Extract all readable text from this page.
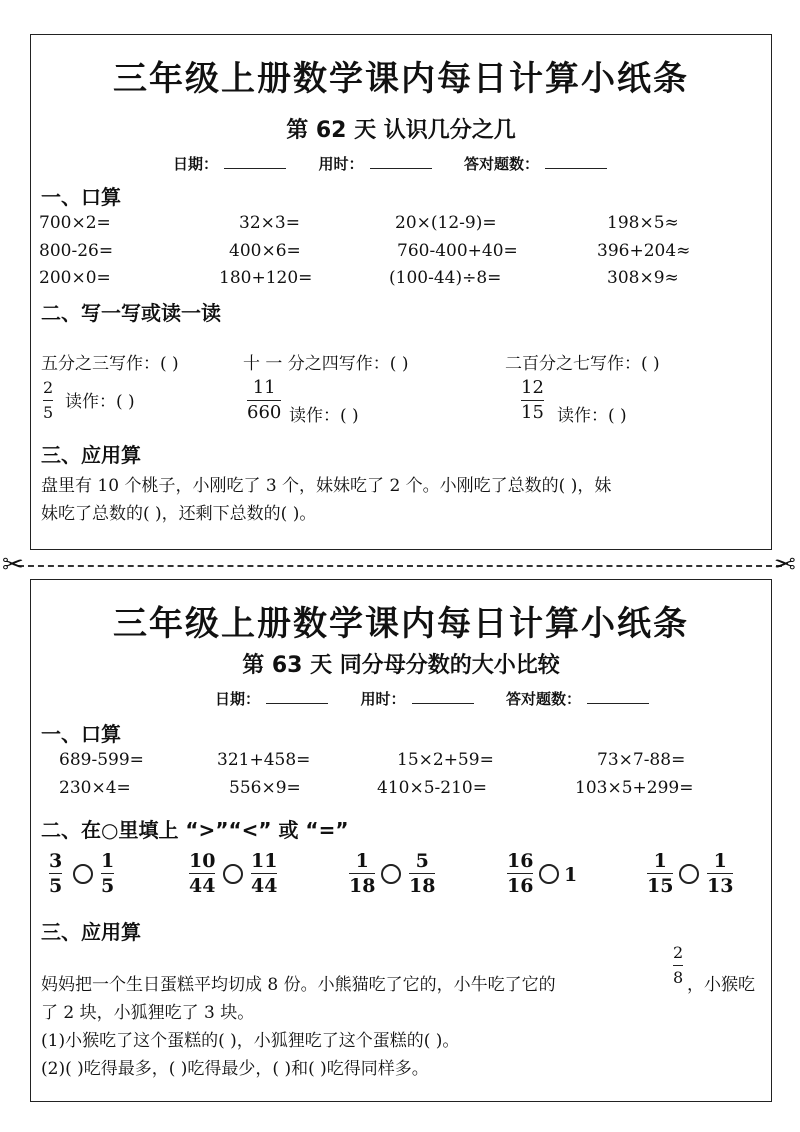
三年级上册数学课内每日计算小纸条
第 62 天 认识几分之几
日期：	用时：	答对题数：
一、口算
700×2=	32×3=	20×(12-9)=	198×5≈
800-26=	400×6=	760-400+40=	396+204≈
200×0=	180+120=	(100-44)÷8=	308×9≈
二、写一写或读一读
五分之三写作：( )	十 一 分之四写作：( )	二百分之七写作：( )
2
5
读作：( )
11
660 读作：( )
12
15 读作：( )
三、应用算
盘里有 10 个桃子，小刚吃了 3 个，妹妹吃了 2 个。小刚吃了总数的( )，妹
妹吃了总数的( )，还剩下总数的( )。
✂	✂
三年级上册数学课内每日计算小纸条
第 63 天 同分母分数的大小比较
日期：	用时：	答对题数：
一、口算
689-599=	321+458=	15×2+59=	73×7-88=
230×4=	556×9=	410×5-210=	103×5+299=
二、在○里填上 “>”“<” 或 “=”
3
5
1
5
10
44
11
44
1
18
5
18
16
16 1
1
15
1
13
三、应用算
妈妈把一个生日蛋糕平均切成 8 份。小熊猫吃了它的，小牛吃了它的
2
8 ，小猴吃
了 2 块，小狐狸吃了 3 块。
(1)小猴吃了这个蛋糕的( )，小狐狸吃了这个蛋糕的( )。
(2)( )吃得最多，( )吃得最少，( )和( )吃得同样多。
